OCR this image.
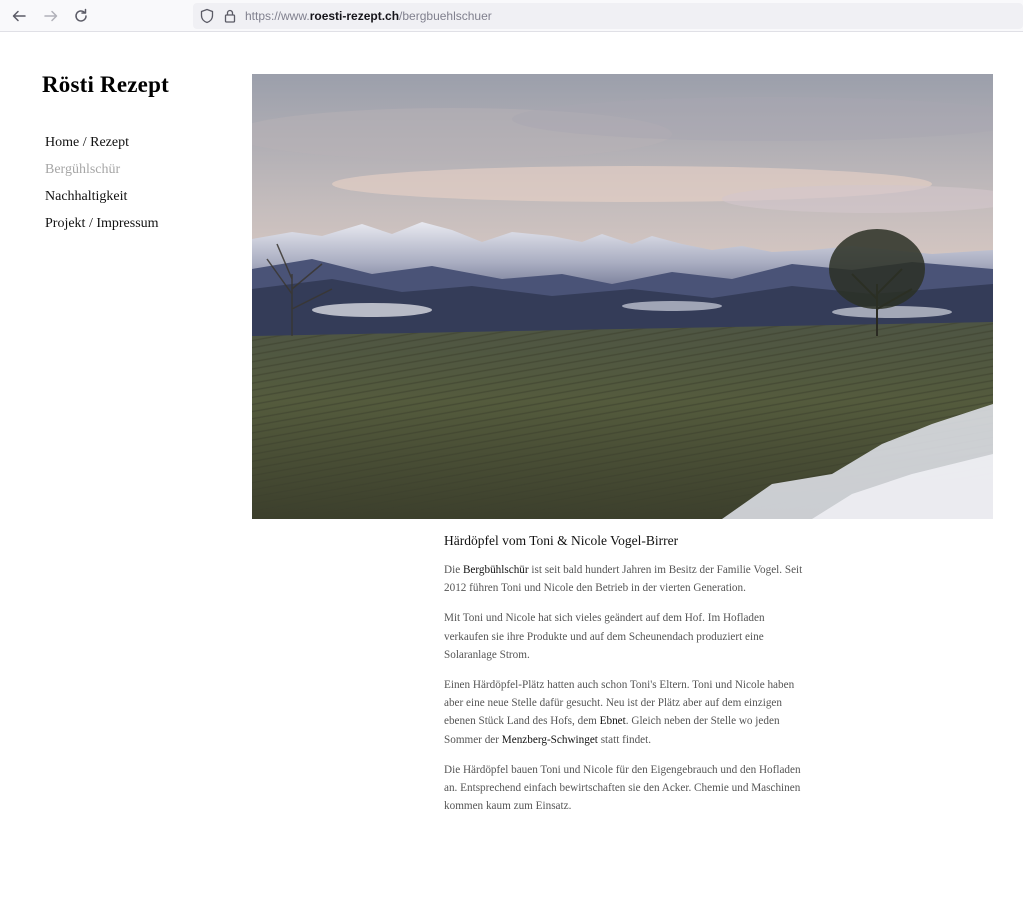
https://www.roesti-rezept.ch/bergbuehlschuer
Rösti Rezept
Home / Rezept
Bergühlschür
Nachhaltigkeit
Projekt / Impressum
Härdöpfel vom Toni & Nicole Vogel-Birrer

Die Bergbühlschür ist seit bald hundert Jahren im Besitz der Familie Vogel. Seit 2012 führen Toni und Nicole den Betrieb in der vierten Generation.

Mit Toni und Nicole hat sich vieles geändert auf dem Hof. Im Hofladen verkaufen sie ihre Produkte und auf dem Scheunendach produziert eine Solaranlage Strom.

Einen Härdöpfel-Plätz hatten auch schon Toni's Eltern. Toni und Nicole haben aber eine neue Stelle dafür gesucht. Neu ist der Plätz aber auf dem einzigen ebenen Stück Land des Hofs, dem Ebnet. Gleich neben der Stelle wo jeden Sommer der Menzberg-Schwinget statt findet.

Die Härdöpfel bauen Toni und Nicole für den Eigengebrauch und den Hofladen an. Entsprechend einfach bewirtschaften sie den Acker. Chemie und Maschinen kommen kaum zum Einsatz.
